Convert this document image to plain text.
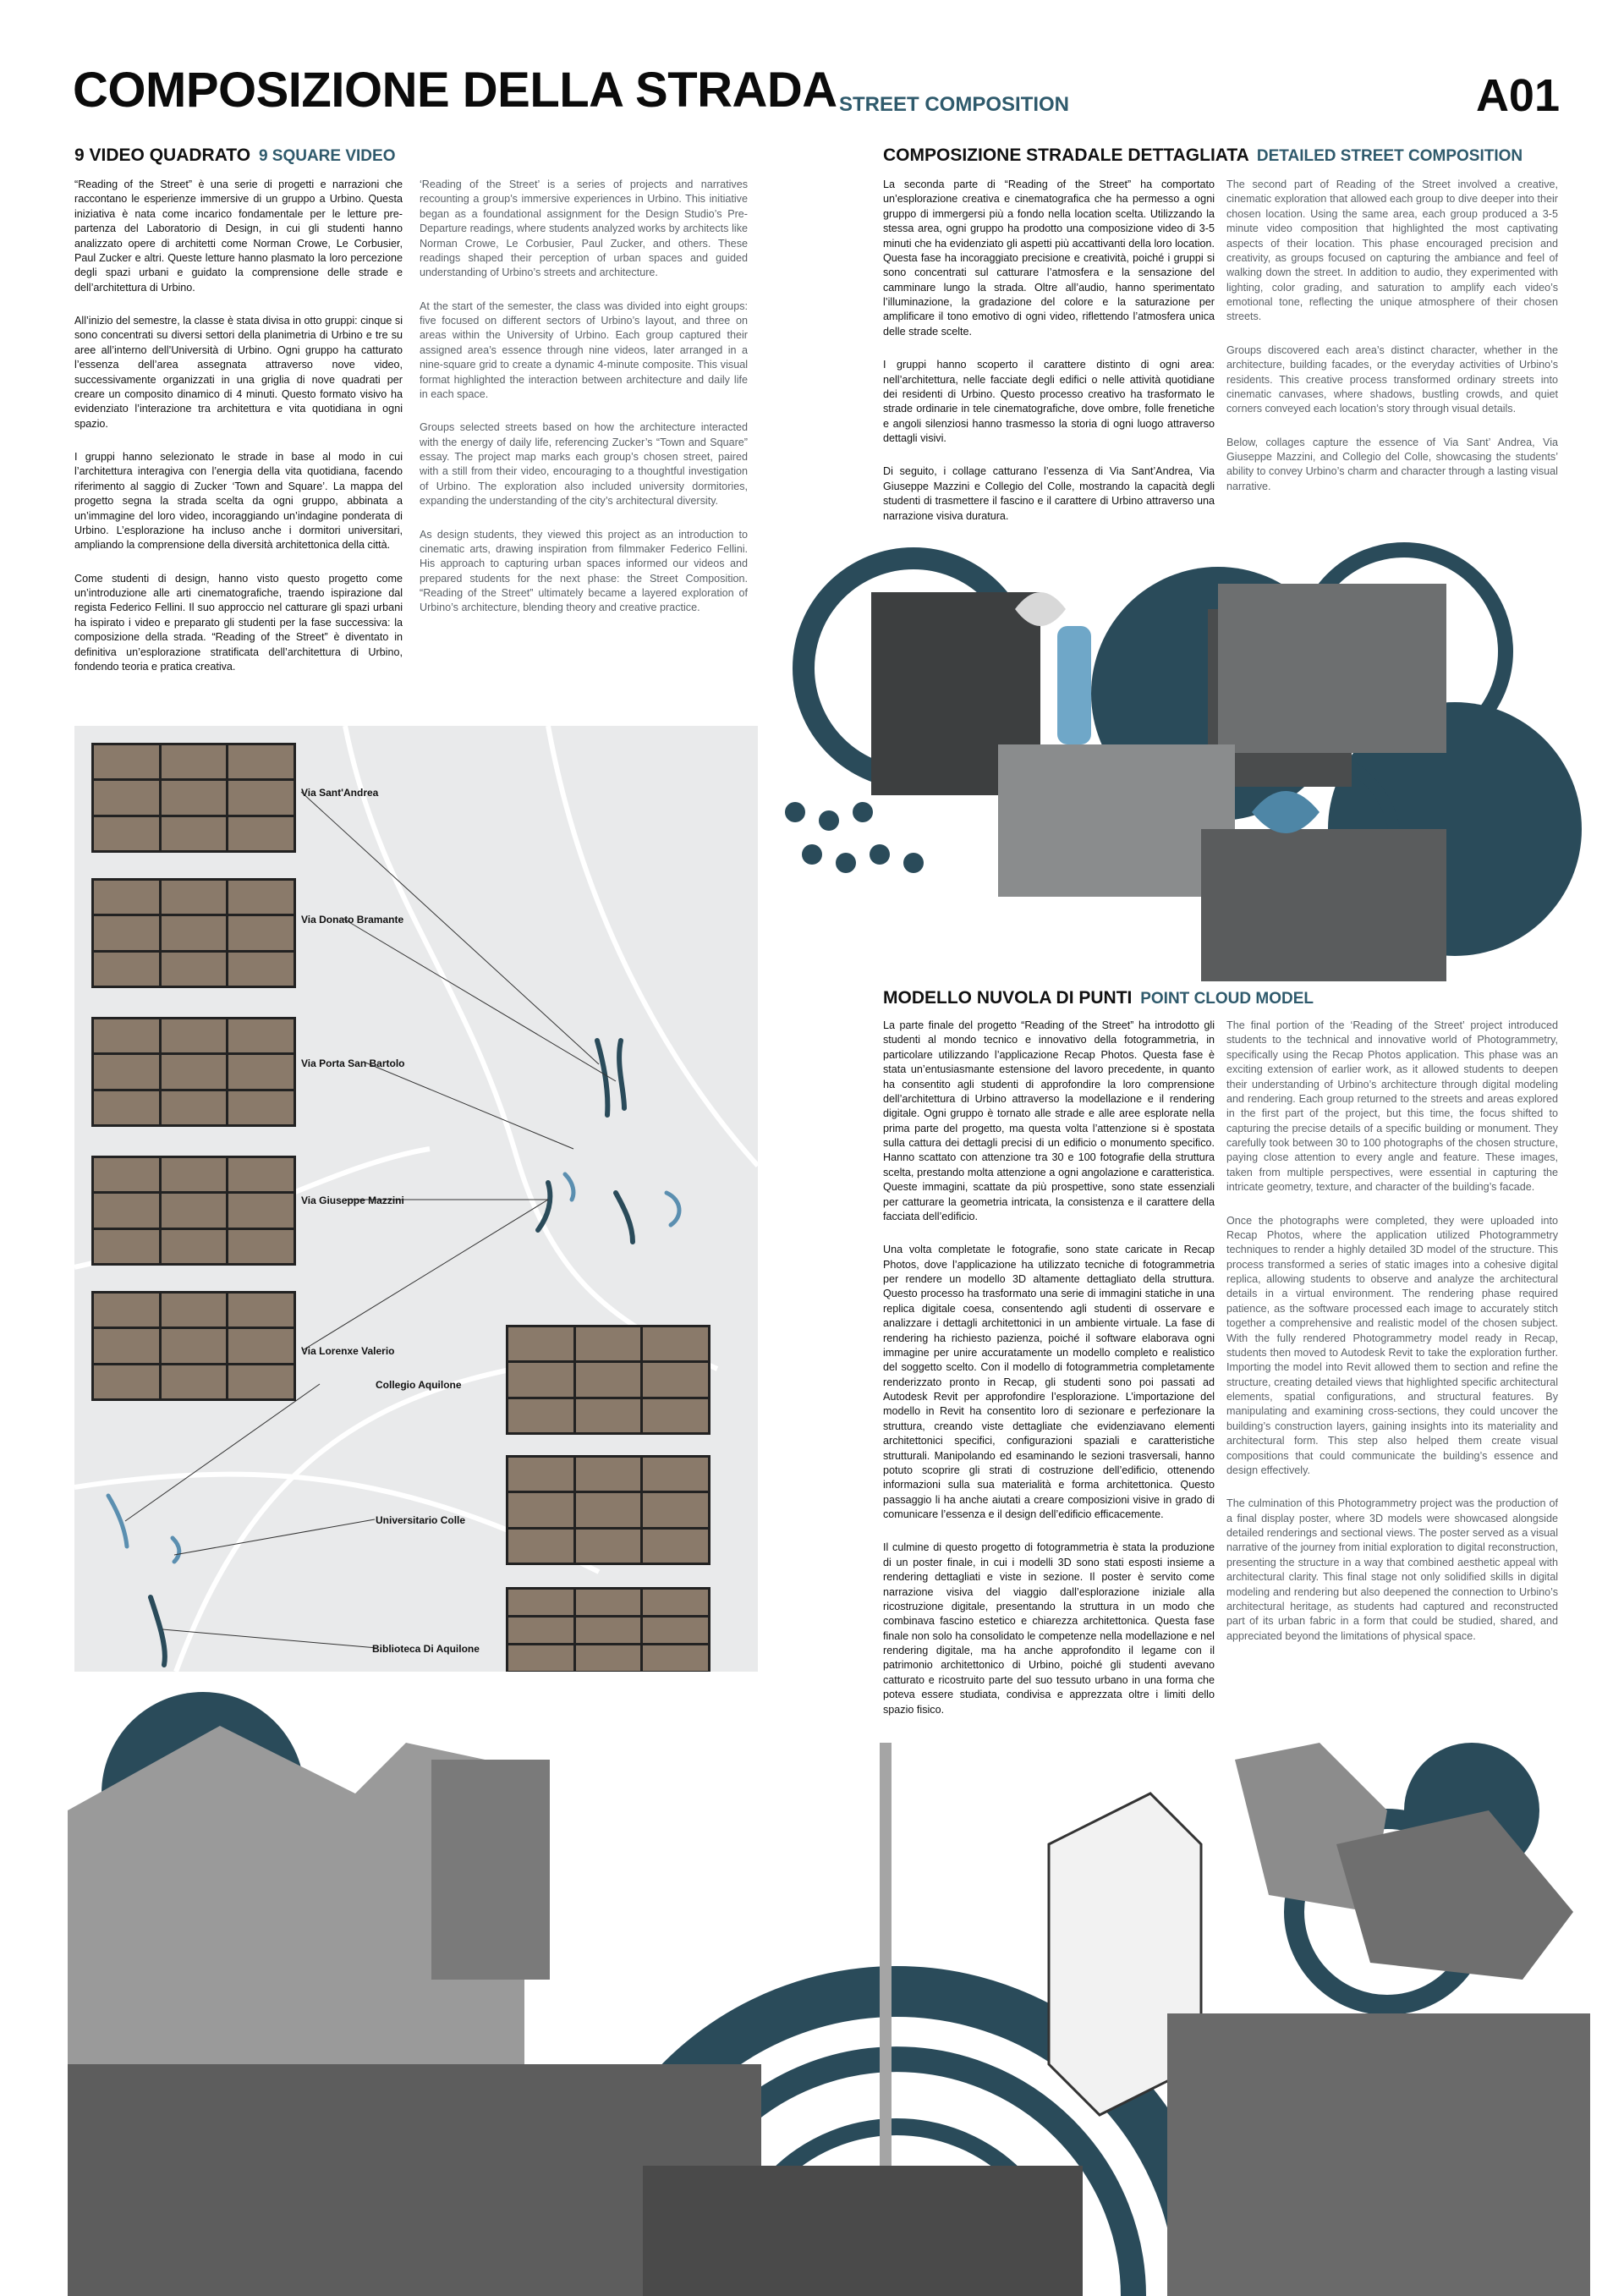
COMPOSIZIONE DELLA STRADA STREET COMPOSITION	A01
9 VIDEO QUADRATO 9 SQUARE VIDEO

“Reading of the Street” è una serie di progetti e narrazioni che raccontano le esperienze immersive di un gruppo a Urbino. Questa iniziativa è nata come incarico fondamentale per le letture pre-partenza del Laboratorio di Design, in cui gli studenti hanno analizzato opere di architetti come Norman Crowe, Le Corbusier, Paul Zucker e altri. Queste letture hanno plasmato la loro percezione degli spazi urbani e guidato la comprensione delle strade e dell’architettura di Urbino.

All’inizio del semestre, la classe è stata divisa in otto gruppi: cinque si sono concentrati su diversi settori della planimetria di Urbino e tre su aree all’interno dell’Università di Urbino. Ogni gruppo ha catturato l’essenza dell’area assegnata attraverso nove video, successivamente organizzati in una griglia di nove quadrati per creare un composito dinamico di 4 minuti. Questo formato visivo ha evidenziato l’interazione tra architettura e vita quotidiana in ogni spazio.

I gruppi hanno selezionato le strade in base al modo in cui l’architettura interagiva con l’energia della vita quotidiana, facendo riferimento al saggio di Zucker ‘Town and Square’. La mappa del progetto segna la strada scelta da ogni gruppo, abbinata a un’immagine del loro video, incoraggiando un’indagine ponderata di Urbino. L’esplorazione ha incluso anche i dormitori universitari, ampliando la comprensione della diversità architettonica della città.

Come studenti di design, hanno visto questo progetto come un’introduzione alle arti cinematografiche, traendo ispirazione dal regista Federico Fellini. Il suo approccio nel catturare gli spazi urbani ha ispirato i video e preparato gli studenti per la fase successiva: la composizione della strada. “Reading of the Street” è diventato in definitiva un’esplorazione stratificata dell’architettura di Urbino, fondendo teoria e pratica creativa.

‘Reading of the Street’ is a series of projects and narratives recounting a group’s immersive experiences in Urbino. This initiative began as a foundational assignment for the Design Studio’s Pre-Departure readings, where students analyzed works by architects like Norman Crowe, Le Corbusier, Paul Zucker, and others. These readings shaped their perception of urban spaces and guided understanding of Urbino’s streets and architecture.

At the start of the semester, the class was divided into eight groups: five focused on different sectors of Urbino’s layout, and three on areas within the University of Urbino. Each group captured their assigned area’s essence through nine videos, later arranged in a nine-square grid to create a dynamic 4-minute composite. This visual format highlighted the interaction between architecture and daily life in each space.

Groups selected streets based on how the architecture interacted with the energy of daily life, referencing Zucker’s “Town and Square” essay. The project map marks each group’s chosen street, paired with a still from their video, encouraging to a thoughtful investigation of Urbino. The exploration also included university dormitories, expanding the understanding of the city’s architectural diversity.

As design students, they viewed this project as an introduction to cinematic arts, drawing inspiration from filmmaker Federico Fellini. His approach to capturing urban spaces informed our videos and prepared students for the next phase: the Street Composition. “Reading of the Street” ultimately became a layered exploration of Urbino’s architecture, blending theory and creative practice.

COMPOSIZIONE STRADALE DETTAGLIATA DETAILED STREET COMPOSITION

La seconda parte di “Reading of the Street” ha comportato un’esplorazione creativa e cinematografica che ha permesso a ogni gruppo di immergersi più a fondo nella location scelta. Utilizzando la stessa area, ogni gruppo ha prodotto una composizione video di 3-5 minuti che ha evidenziato gli aspetti più accattivanti della loro location. Questa fase ha incoraggiato precisione e creatività, poiché i gruppi si sono concentrati sul catturare l’atmosfera e la sensazione del camminare lungo la strada. Oltre all’audio, hanno sperimentato l’illuminazione, la gradazione del colore e la saturazione per amplificare il tono emotivo di ogni video, riflettendo l’atmosfera unica delle strade scelte.

I gruppi hanno scoperto il carattere distinto di ogni area: nell’architettura, nelle facciate degli edifici o nelle attività quotidiane dei residenti di Urbino. Questo processo creativo ha trasformato le strade ordinarie in tele cinematografiche, dove ombre, folle frenetiche e angoli silenziosi hanno trasmesso la storia di ogni luogo attraverso dettagli visivi.

Di seguito, i collage catturano l’essenza di Via Sant’Andrea, Via Giuseppe Mazzini e Collegio del Colle, mostrando la capacità degli studenti di trasmettere il fascino e il carattere di Urbino attraverso una narrazione visiva duratura.

The second part of Reading of the Street involved a creative, cinematic exploration that allowed each group to dive deeper into their chosen location. Using the same area, each group produced a 3-5 minute video composition that highlighted the most captivating aspects of their location. This phase encouraged precision and creativity, as groups focused on capturing the ambiance and feel of walking down the street. In addition to audio, they experimented with lighting, color grading, and saturation to amplify each video’s emotional tone, reflecting the unique atmosphere of their chosen streets.

Groups discovered each area’s distinct character, whether in the architecture, building facades, or the everyday activities of Urbino’s residents. This creative process transformed ordinary streets into cinematic canvases, where shadows, bustling crowds, and quiet corners conveyed each location’s story through visual details.

Below, collages capture the essence of Via Sant’ Andrea, Via Giuseppe Mazzini, and Collegio del Colle, showcasing the students’ ability to convey Urbino’s charm and character through a lasting visual narrative.

MODELLO NUVOLA DI PUNTI POINT CLOUD MODEL

La parte finale del progetto “Reading of the Street” ha introdotto gli studenti al mondo tecnico e innovativo della fotogrammetria, in particolare utilizzando l’applicazione Recap Photos. Questa fase è stata un’entusiasmante estensione del lavoro precedente, in quanto ha consentito agli studenti di approfondire la loro comprensione dell’architettura di Urbino attraverso la modellazione e il rendering digitale. Ogni gruppo è tornato alle strade e alle aree esplorate nella prima parte del progetto, ma questa volta l’attenzione si è spostata sulla cattura dei dettagli precisi di un edificio o monumento specifico. Hanno scattato con attenzione tra 30 e 100 fotografie della struttura scelta, prestando molta attenzione a ogni angolazione e caratteristica. Queste immagini, scattate da più prospettive, sono state essenziali per catturare la geometria intricata, la consistenza e il carattere della facciata dell’edificio.

Una volta completate le fotografie, sono state caricate in Recap Photos, dove l’applicazione ha utilizzato tecniche di fotogrammetria per rendere un modello 3D altamente dettagliato della struttura. Questo processo ha trasformato una serie di immagini statiche in una replica digitale coesa, consentendo agli studenti di osservare e analizzare i dettagli architettonici in un ambiente virtuale. La fase di rendering ha richiesto pazienza, poiché il software elaborava ogni immagine per unire accuratamente un modello completo e realistico del soggetto scelto. Con il modello di fotogrammetria completamente renderizzato pronto in Recap, gli studenti sono poi passati ad Autodesk Revit per approfondire l’esplorazione. L’importazione del modello in Revit ha consentito loro di sezionare e perfezionare la struttura, creando viste dettagliate che evidenziavano elementi architettonici specifici, configurazioni spaziali e caratteristiche strutturali. Manipolando ed esaminando le sezioni trasversali, hanno potuto scoprire gli strati di costruzione dell’edificio, ottenendo informazioni sulla sua materialità e forma architettonica. Questo passaggio li ha anche aiutati a creare composizioni visive in grado di comunicare l’essenza e il design dell’edificio efficacemente.

Il culmine di questo progetto di fotogrammetria è stata la produzione di un poster finale, in cui i modelli 3D sono stati esposti insieme a rendering dettagliati e viste in sezione. Il poster è servito come narrazione visiva del viaggio dall’esplorazione iniziale alla ricostruzione digitale, presentando la struttura in un modo che combinava fascino estetico e chiarezza architettonica. Questa fase finale non solo ha consolidato le competenze nella modellazione e nel rendering digitale, ma ha anche approfondito il legame con il patrimonio architettonico di Urbino, poiché gli studenti avevano catturato e ricostruito parte del suo tessuto urbano in una forma che poteva essere studiata, condivisa e apprezzata oltre i limiti dello spazio fisico.

The final portion of the ‘Reading of the Street’ project introduced students to the technical and innovative world of Photogrammetry, specifically using the Recap Photos application. This phase was an exciting extension of earlier work, as it allowed students to deepen their understanding of Urbino’s architecture through digital modeling and rendering. Each group returned to the streets and areas explored in the first part of the project, but this time, the focus shifted to capturing the precise details of a specific building or monument. They carefully took between 30 to 100 photographs of the chosen structure, paying close attention to every angle and feature. These images, taken from multiple perspectives, were essential in capturing the intricate geometry, texture, and character of the building’s facade.

Once the photographs were completed, they were uploaded into Recap Photos, where the application utilized Photogrammetry techniques to render a highly detailed 3D model of the structure. This process transformed a series of static images into a cohesive digital replica, allowing students to observe and analyze the architectural details in a virtual environment. The rendering phase required patience, as the software processed each image to accurately stitch together a comprehensive and realistic model of the chosen subject. With the fully rendered Photogrammetry model ready in Recap, students then moved to Autodesk Revit to take the exploration further. Importing the model into Revit allowed them to section and refine the structure, creating detailed views that highlighted specific architectural elements, spatial configurations, and structural features. By manipulating and examining cross-sections, they could uncover the building’s construction layers, gaining insights into its materiality and architectural form. This step also helped them create visual compositions that could communicate the building’s essence and design effectively.

The culmination of this Photogrammetry project was the production of a final display poster, where 3D models were showcased alongside detailed renderings and sectional views. The poster served as a visual narrative of the journey from initial exploration to digital reconstruction, presenting the structure in a way that combined aesthetic appeal with architectural clarity. This final stage not only solidified skills in digital modeling and rendering but also deepened the connection to Urbino’s architectural heritage, as students had captured and reconstructed part of its urban fabric in a form that could be studied, shared, and appreciated beyond the limitations of physical space.

Via Sant'Andrea
Via Donato Bramante
Via Porta San Bartolo
Via Giuseppe Mazzini
Via Lorenxe Valerio
Collegio Aquilone
Universitario Colle
Biblioteca Di Aquilone
